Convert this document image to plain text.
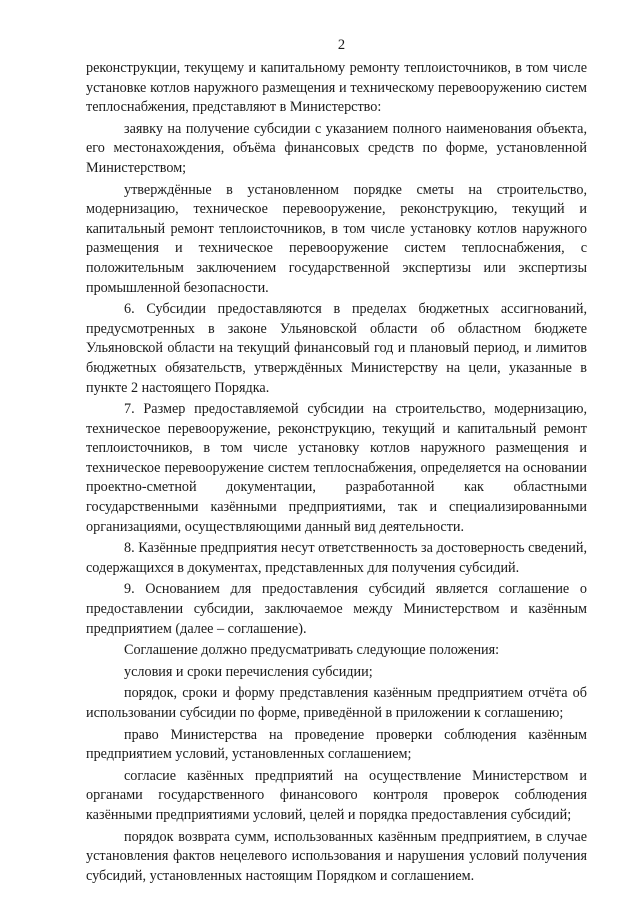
2

реконструкции, текущему и капитальному ремонту теплоисточников, в том числе установке котлов наружного размещения и техническому перевооружению систем теплоснабжения, представляют в Министерство:

заявку на получение субсидии с указанием полного наименования объекта, его местонахождения, объёма финансовых средств по форме, установленной Министерством;

утверждённые в установленном порядке сметы на строительство, модернизацию, техническое перевооружение, реконструкцию, текущий и капитальный ремонт теплоисточников, в том числе установку котлов наружного размещения и техническое перевооружение систем теплоснабжения, с положительным заключением государственной экспертизы или экспертизы промышленной безопасности.

6. Субсидии предоставляются в пределах бюджетных ассигнований, предусмотренных в законе Ульяновской области об областном бюджете Ульяновской области на текущий финансовый год и плановый период, и лимитов бюджетных обязательств, утверждённых Министерству на цели, указанные в пункте 2 настоящего Порядка.

7. Размер предоставляемой субсидии на строительство, модернизацию, техническое перевооружение, реконструкцию, текущий и капитальный ремонт теплоисточников, в том числе установку котлов наружного размещения и техническое перевооружение систем теплоснабжения, определяется на основании проектно-сметной документации, разработанной как областными государственными казёнными предприятиями, так и специализированными организациями, осуществляющими данный вид деятельности.

8. Казённые предприятия несут ответственность за достоверность сведений, содержащихся в документах, представленных для получения субсидий.

9. Основанием для предоставления субсидий является соглашение о предоставлении субсидии, заключаемое между Министерством и казённым предприятием (далее – соглашение).

Соглашение должно предусматривать следующие положения:

условия и сроки перечисления субсидии;

порядок, сроки и форму представления казённым предприятием отчёта об использовании субсидии по форме, приведённой в приложении к соглашению;

право Министерства на проведение проверки соблюдения казённым предприятием условий, установленных соглашением;

согласие казённых предприятий на осуществление Министерством и органами государственного финансового контроля проверок соблюдения казёнными предприятиями условий, целей и порядка предоставления субсидий;

порядок возврата сумм, использованных казённым предприятием, в случае установления фактов нецелевого использования и нарушения условий получения субсидий, установленных настоящим Порядком и соглашением.
